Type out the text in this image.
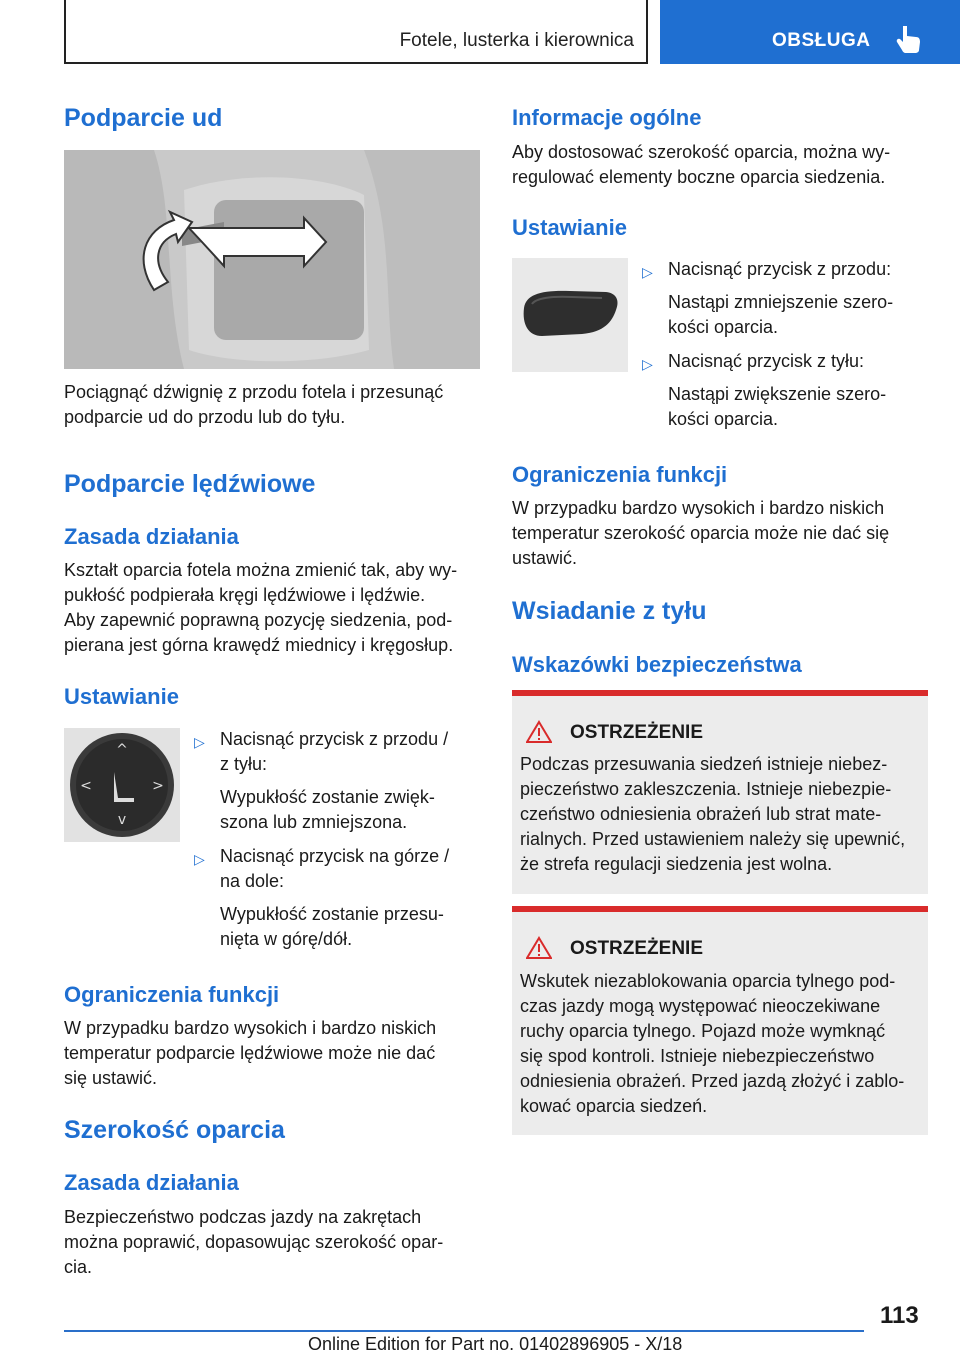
Fotele, lusterka i kierownica	OBSŁUGA
Podparcie ud

Pociągnąć dźwignię z przodu fotela i przesunąć

podparcie ud do przodu lub do tyłu.

Podparcie lędźwiowe
Zasada działania

Kształt oparcia fotela można zmienić tak, aby wy-

pukłość podpierała kręgi lędźwiowe i lędźwie.

Aby zapewnić poprawną pozycję siedzenia, pod-

pierana jest górna krawędź miednicy i kręgosłup.

Ustawianie
^
v
<	>
▷ Nacisnąć przycisk z przodu /
z tyłu:
Wypukłość zostanie zwięk-
szona lub zmniejszona.
▷ Nacisnąć przycisk na górze /
na dole:
Wypukłość zostanie przesu-
nięta w górę/dół.
Ograniczenia funkcji

W przypadku bardzo wysokich i bardzo niskich

temperatur podparcie lędźwiowe może nie dać

się ustawić.

Szerokość oparcia
Zasada działania

Bezpieczeństwo podczas jazdy na zakrętach

można poprawić, dopasowując szerokość opar-

cia.

Informacje ogólne

Aby dostosować szerokość oparcia, można wy-

regulować elementy boczne oparcia siedzenia.

Ustawianie
▷ Nacisnąć przycisk z przodu:
Nastąpi zmniejszenie szero-
kości oparcia.
▷ Nacisnąć przycisk z tyłu:
Nastąpi zwiększenie szero-
kości oparcia.
Ograniczenia funkcji

W przypadku bardzo wysokich i bardzo niskich

temperatur szerokość oparcia może nie dać się

ustawić.

Wsiadanie z tyłu
Wskazówki bezpieczeństwa
OSTRZEŻENIE
Podczas przesuwania siedzeń istnieje niebez-
pieczeństwo zakleszczenia. Istnieje niebezpie-
czeństwo odniesienia obrażeń lub strat mate-
rialnych. Przed ustawieniem należy się upewnić,
że strefa regulacji siedzenia jest wolna.
OSTRZEŻENIE
Wskutek niezablokowania oparcia tylnego pod-
czas jazdy mogą występować nieoczekiwane
ruchy oparcia tylnego. Pojazd może wymknąć
się spod kontroli. Istnieje niebezpieczeństwo
odniesienia obrażeń. Przed jazdą złożyć i zablo-
kować oparcia siedzeń.
113
Online Edition for Part no. 01402896905 - X/18
